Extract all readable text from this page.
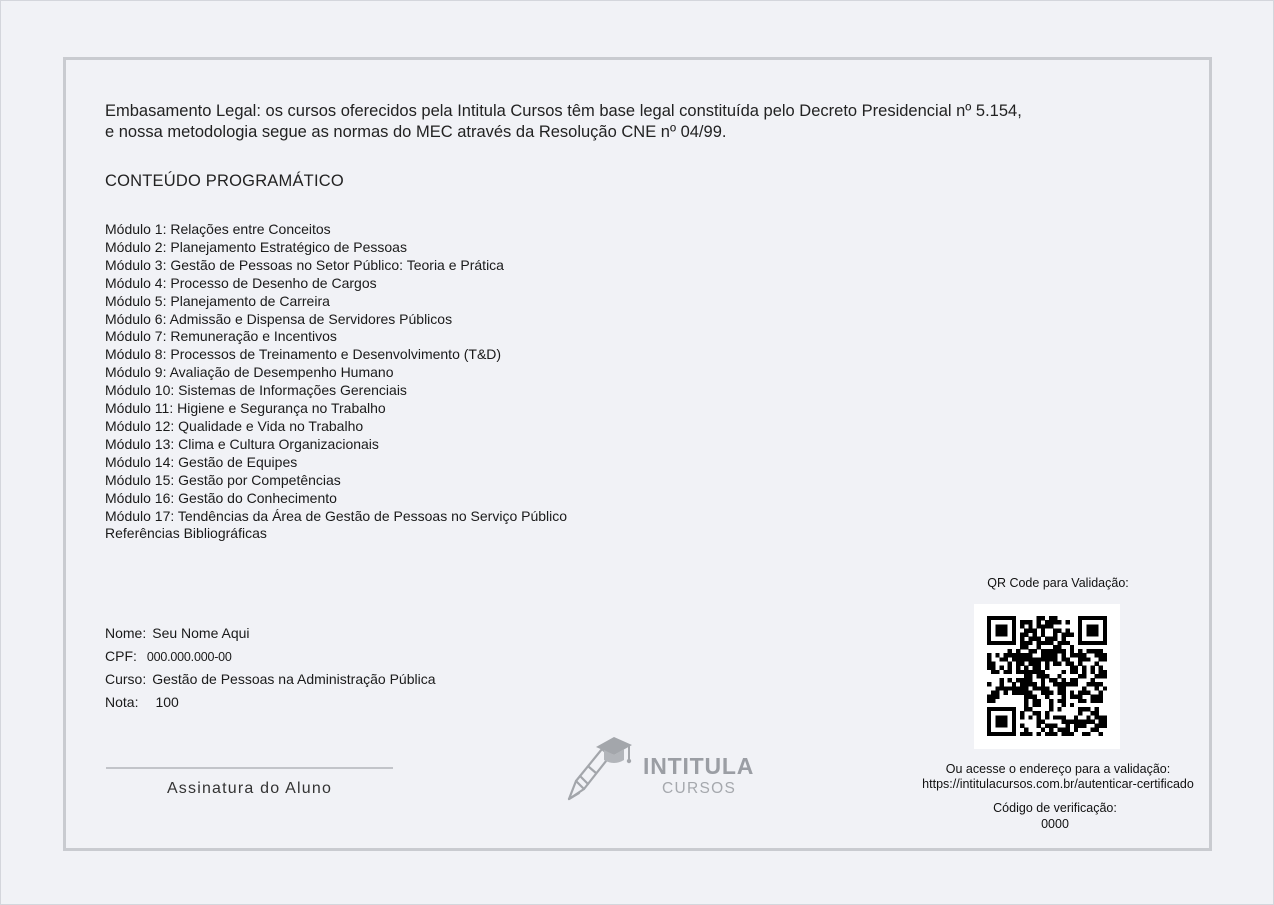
Embasamento Legal: os cursos oferecidos pela Intitula Cursos têm base legal constituída pelo Decreto Presidencial nº 5.154,
e nossa metodologia segue as normas do MEC através da Resolução CNE nº 04/99.
CONTEÚDO PROGRAMÁTICO
Módulo 1: Relações entre Conceitos
Módulo 2: Planejamento Estratégico de Pessoas
Módulo 3: Gestão de Pessoas no Setor Público: Teoria e Prática
Módulo 4: Processo de Desenho de Cargos
Módulo 5: Planejamento de Carreira
Módulo 6: Admissão e Dispensa de Servidores Públicos
Módulo 7: Remuneração e Incentivos
Módulo 8: Processos de Treinamento e Desenvolvimento (T&D)
Módulo 9: Avaliação de Desempenho Humano
Módulo 10: Sistemas de Informações Gerenciais
Módulo 11: Higiene e Segurança no Trabalho
Módulo 12: Qualidade e Vida no Trabalho
Módulo 13: Clima e Cultura Organizacionais
Módulo 14: Gestão de Equipes
Módulo 15: Gestão por Competências
Módulo 16: Gestão do Conhecimento
Módulo 17: Tendências da Área de Gestão de Pessoas no Serviço Público
Referências Bibliográficas
Nome: Seu Nome Aqui
CPF: 000.000.000-00
Curso: Gestão de Pessoas na Administração Pública
Nota: 100
Assinatura do Aluno
INTITULA
CURSOS
QR Code para Validação:
Ou acesse o endereço para a validação:
https://intitulacursos.com.br/autenticar-certificado
Código de verificação:
0000
